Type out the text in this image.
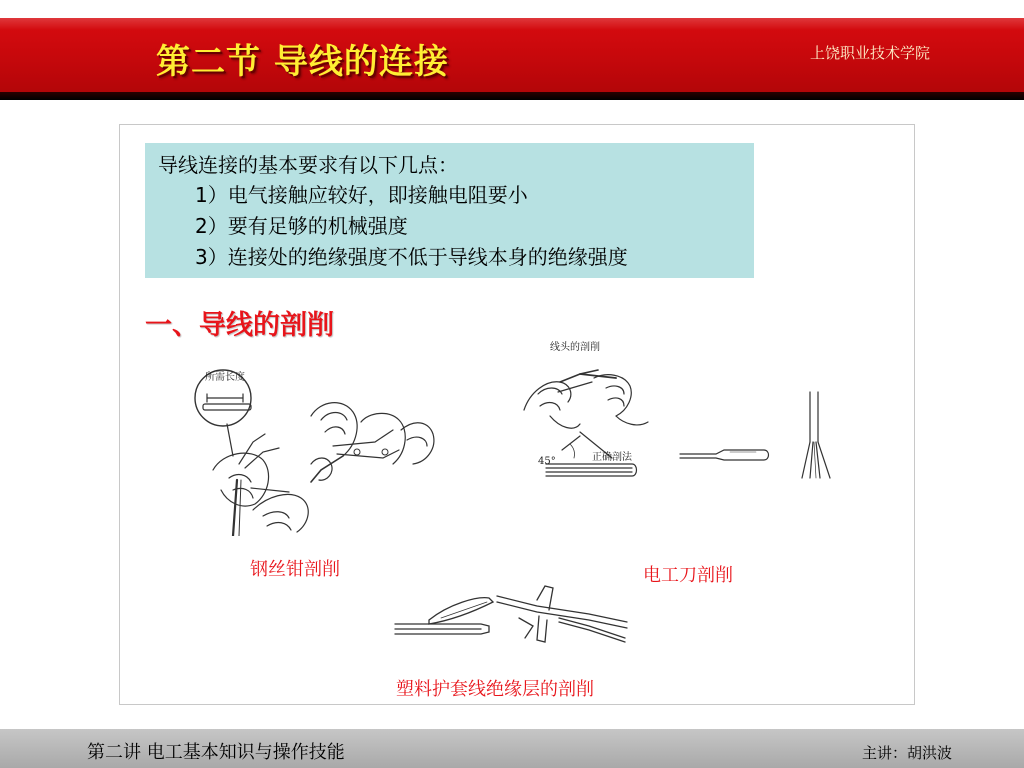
第二节 导线的连接	上饶职业技术学院
导线连接的基本要求有以下几点：
1）电气接触应较好，即接触电阻要小
2）要有足够的机械强度
3）连接处的绝缘强度不低于导线本身的绝缘强度
一、导线的剖削
所需长度
线头的剖削
45°	正确剖法
钢丝钳剖削	电工刀剖削
塑料护套线绝缘层的剖削
第二讲 电工基本知识与操作技能	主讲：胡洪波
